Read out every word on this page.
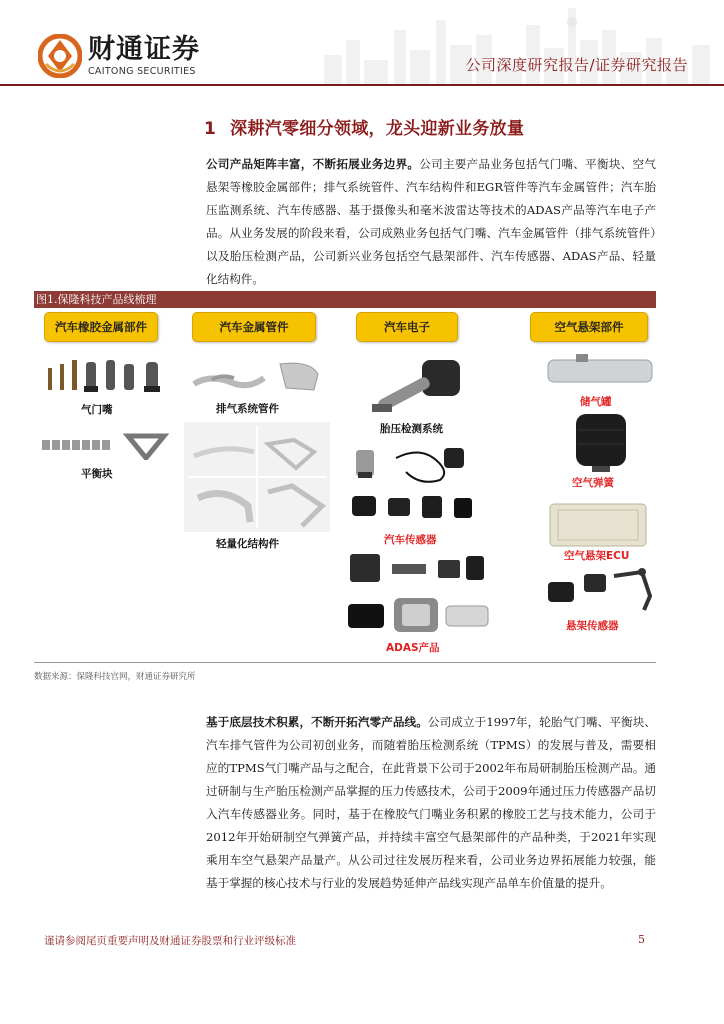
财通证券
CAITONG SECURITIES	公司深度研究报告/证券研究报告
1 深耕汽零细分领域，龙头迎新业务放量
公司产品矩阵丰富，不断拓展业务边界。公司主要产品业务包括气门嘴、平衡块、空气悬架等橡胶金属部件；排气系统管件、汽车结构件和EGR管件等汽车金属管件；汽车胎压监测系统、汽车传感器、基于摄像头和毫米波雷达等技术的ADAS产品等汽车电子产品。从业务发展的阶段来看，公司成熟业务包括气门嘴、汽车金属管件（排气系统管件）以及胎压检测产品，公司新兴业务包括空气悬架部件、汽车传感器、ADAS产品、轻量化结构件。
图1.保隆科技产品线梳理
汽车橡胶金属部件	汽车金属管件	汽车电子	空气悬架部件
气门嘴
平衡块
排气系统管件
轻量化结构件
胎压检测系统
汽车传感器
ADAS产品
储气罐
空气弹簧
空气悬架ECU
悬架传感器
数据来源：保隆科技官网，财通证券研究所
基于底层技术积累，不断开拓汽零产品线。公司成立于1997年，轮胎气门嘴、平衡块、汽车排气管件为公司初创业务，而随着胎压检测系统（TPMS）的发展与普及，需要相应的TPMS气门嘴产品与之配合，在此背景下公司于2002年布局研制胎压检测产品。通过研制与生产胎压检测产品掌握的压力传感技术，公司于2009年通过压力传感器产品切入汽车传感器业务。同时，基于在橡胶气门嘴业务积累的橡胶工艺与技术能力，公司于2012年开始研制空气弹簧产品，并持续丰富空气悬架部件的产品种类，于2021年实现乘用车空气悬架产品量产。从公司过往发展历程来看，公司业务边界拓展能力较强，能基于掌握的核心技术与行业的发展趋势延伸产品线实现产品单车价值量的提升。
谨请参阅尾页重要声明及财通证券股票和行业评级标准	5
